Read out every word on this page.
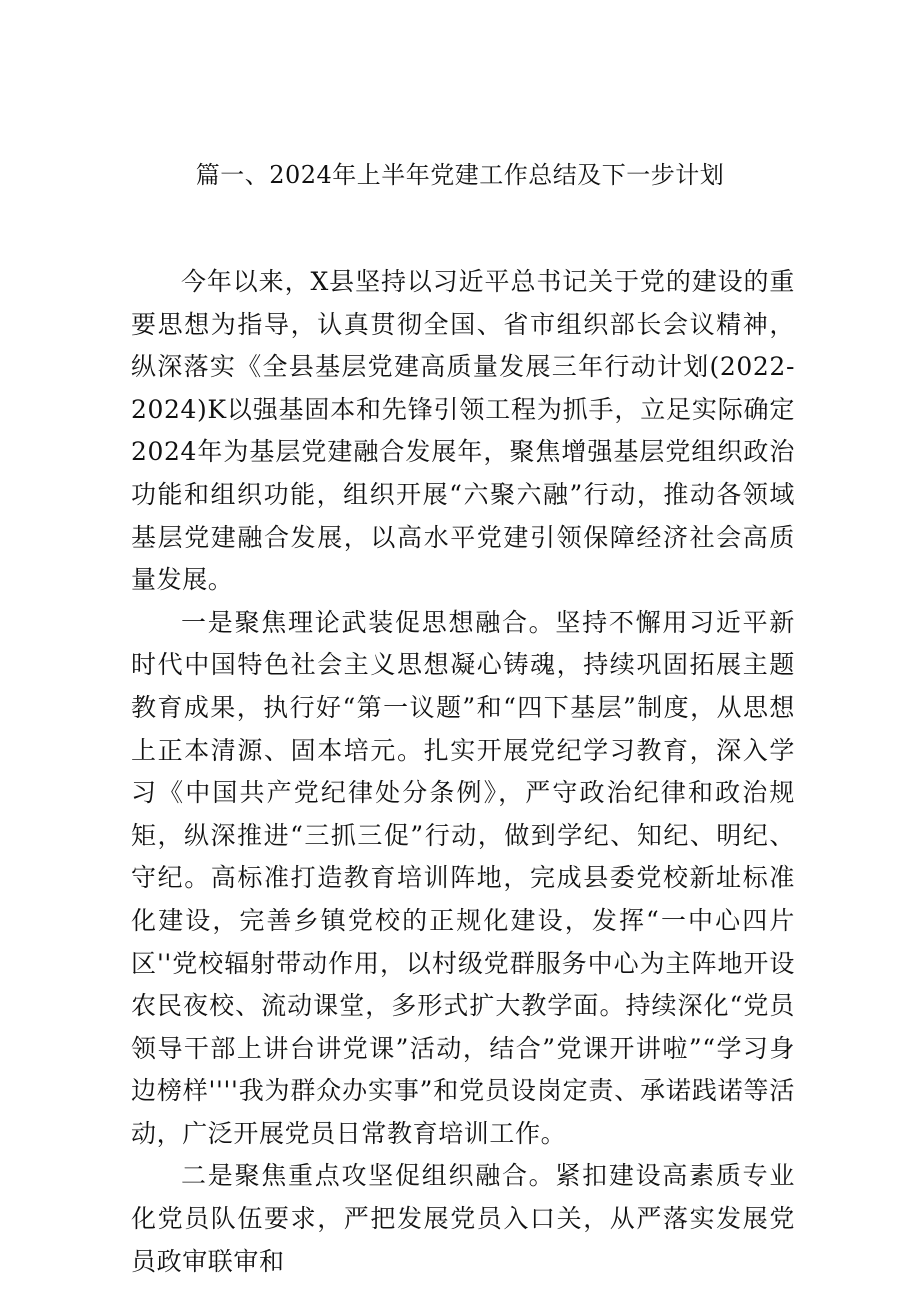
篇一、2024年上半年党建工作总结及下一步计划

今年以来，X县坚持以习近平总书记关于党的建设的重要思想为指导，认真贯彻全国、省市组织部长会议精神，纵深落实《全县基层党建高质量发展三年行动计划(2022-2024)K以强基固本和先锋引领工程为抓手，立足实际确定2024年为基层党建融合发展年，聚焦增强基层党组织政治功能和组织功能，组织开展“六聚六融”行动，推动各领域基层党建融合发展，以高水平党建引领保障经济社会高质量发展。

一是聚焦理论武装促思想融合。坚持不懈用习近平新时代中国特色社会主义思想凝心铸魂，持续巩固拓展主题教育成果，执行好“第一议题”和“四下基层”制度，从思想上正本清源、固本培元。扎实开展党纪学习教育，深入学习《中国共产党纪律处分条例》，严守政治纪律和政治规矩，纵深推进“三抓三促”行动，做到学纪、知纪、明纪、守纪。高标准打造教育培训阵地，完成县委党校新址标准化建设，完善乡镇党校的正规化建设，发挥“一中心四片区''党校辐射带动作用，以村级党群服务中心为主阵地开设农民夜校、流动课堂，多形式扩大教学面。持续深化“党员领导干部上讲台讲党课”活动，结合”党课开讲啦”“学习身边榜样''''我为群众办实事”和党员设岗定责、承诺践诺等活动，广泛开展党员日常教育培训工作。

二是聚焦重点攻坚促组织融合。紧扣建设高素质专业化党员队伍要求，严把发展党员入口关，从严落实发展党员政审联审和
